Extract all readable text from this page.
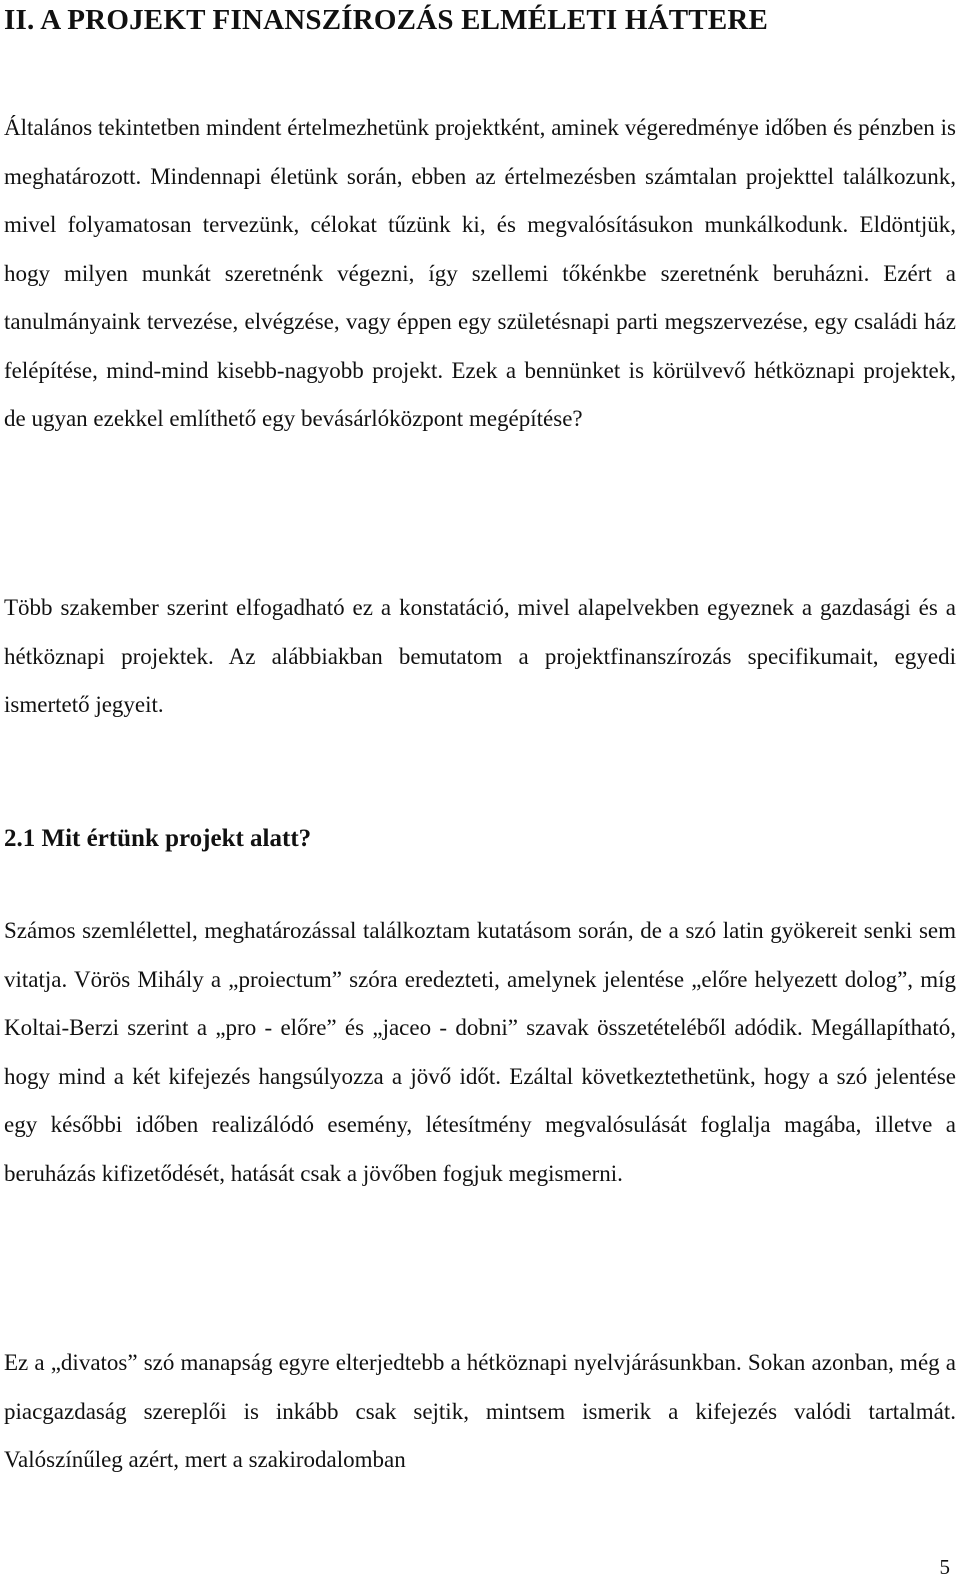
II. A PROJEKT FINANSZÍROZÁS ELMÉLETI HÁTTERE

Általános tekintetben mindent értelmezhetünk projektként, aminek végeredménye időben és pénzben is meghatározott. Mindennapi életünk során, ebben az értelmezésben számtalan projekttel találkozunk, mivel folyamatosan tervezünk, célokat tűzünk ki, és megvalósításukon munkálkodunk. Eldöntjük, hogy milyen munkát szeretnénk végezni, így szellemi tőkénkbe szeretnénk beruházni. Ezért a tanulmányaink tervezése, elvégzése, vagy éppen egy születésnapi parti megszervezése, egy családi ház felépítése, mind-mind kisebb-nagyobb projekt. Ezek a bennünket is körülvevő hétköznapi projektek, de ugyan ezekkel említhető egy bevásárlóközpont megépítése?

Több szakember szerint elfogadható ez a konstatáció, mivel alapelvekben egyeznek a gazdasági és a hétköznapi projektek. Az alábbiakban bemutatom a projektfinanszírozás specifikumait, egyedi ismertető jegyeit.

2.1 Mit értünk projekt alatt?

Számos szemlélettel, meghatározással találkoztam kutatásom során, de a szó latin gyökereit senki sem vitatja. Vörös Mihály a „proiectum” szóra eredezteti, amelynek jelentése „előre helyezett dolog”, míg Koltai-Berzi szerint a „pro - előre” és „jaceo - dobni” szavak összetételéből adódik. Megállapítható, hogy mind a két kifejezés hangsúlyozza a jövő időt. Ezáltal következtethetünk, hogy a szó jelentése egy későbbi időben realizálódó esemény, létesítmény megvalósulását foglalja magába, illetve a beruházás kifizetődését, hatását csak a jövőben fogjuk megismerni.

Ez a „divatos” szó manapság egyre elterjedtebb a hétköznapi nyelvjárásunkban. Sokan azonban, még a piacgazdaság szereplői is inkább csak sejtik, mintsem ismerik a kifejezés valódi tartalmát. Valószínűleg azért, mert a szakirodalomban

5
